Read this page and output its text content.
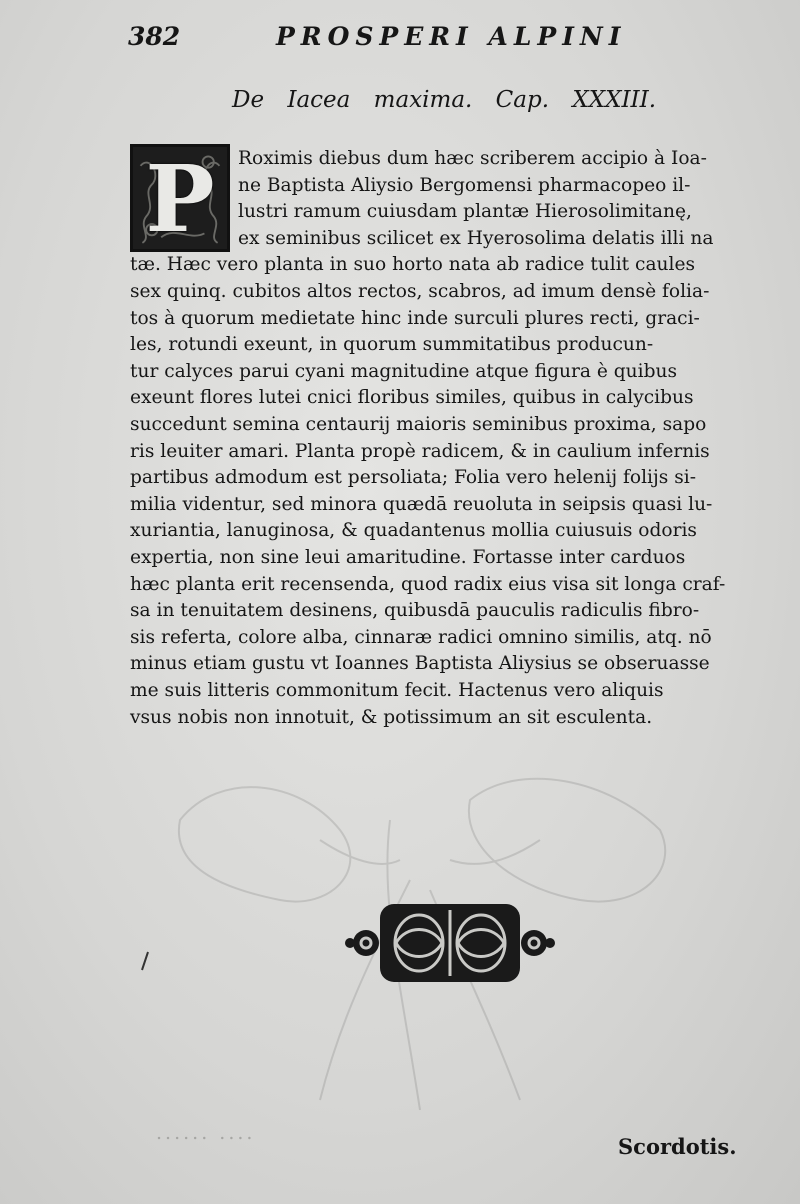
382	PROSPERI ALPINI
De Iacea maxima. Cap. XXXIII.
P	Roximis diebus dum hæc scriberem accipio à Ioa-
ne Baptista Aliysio Bergomensi pharmacopeo il-
lustri ramum cuiusdam plantæ Hierosolimitanę,
ex seminibus scilicet ex Hyerosolima delatis illi na
tæ. Hæc vero planta in suo horto nata ab radice tulit caules
sex quinq. cubitos altos rectos, scabros, ad imum densè folia-
tos à quorum medietate hinc inde surculi plures recti, graci-
les, rotundi exeunt, in quorum summitatibus producun-
tur calyces parui cyani magnitudine atque figura è quibus
exeunt flores lutei cnici floribus similes, quibus in calycibus
succedunt semina centaurij maioris seminibus proxima, sapo
ris leuiter amari. Planta propè radicem, & in caulium infernis
partibus admodum est persoliata; Folia vero helenij folijs si-
milia videntur, sed minora quædā reuoluta in seipsis quasi lu-
xuriantia, lanuginosa, & quadantenus mollia cuiusuis odoris
expertia, non sine leui amaritudine. Fortasse inter carduos
hæc planta erit recensenda, quod radix eius visa sit longa craf-
sa in tenuitatem desinens, quibusdā pauculis radiculis fibro-
sis referta, colore alba, cinnaræ radici omnino similis, atq. nō
minus etiam gustu vt Ioannes Baptista Aliysius se obseruasse
me suis litteris commonitum fecit. Hactenus vero aliquis
vsus nobis non innotuit, & potissimum an sit esculenta.
...... ....
Scordotis.
